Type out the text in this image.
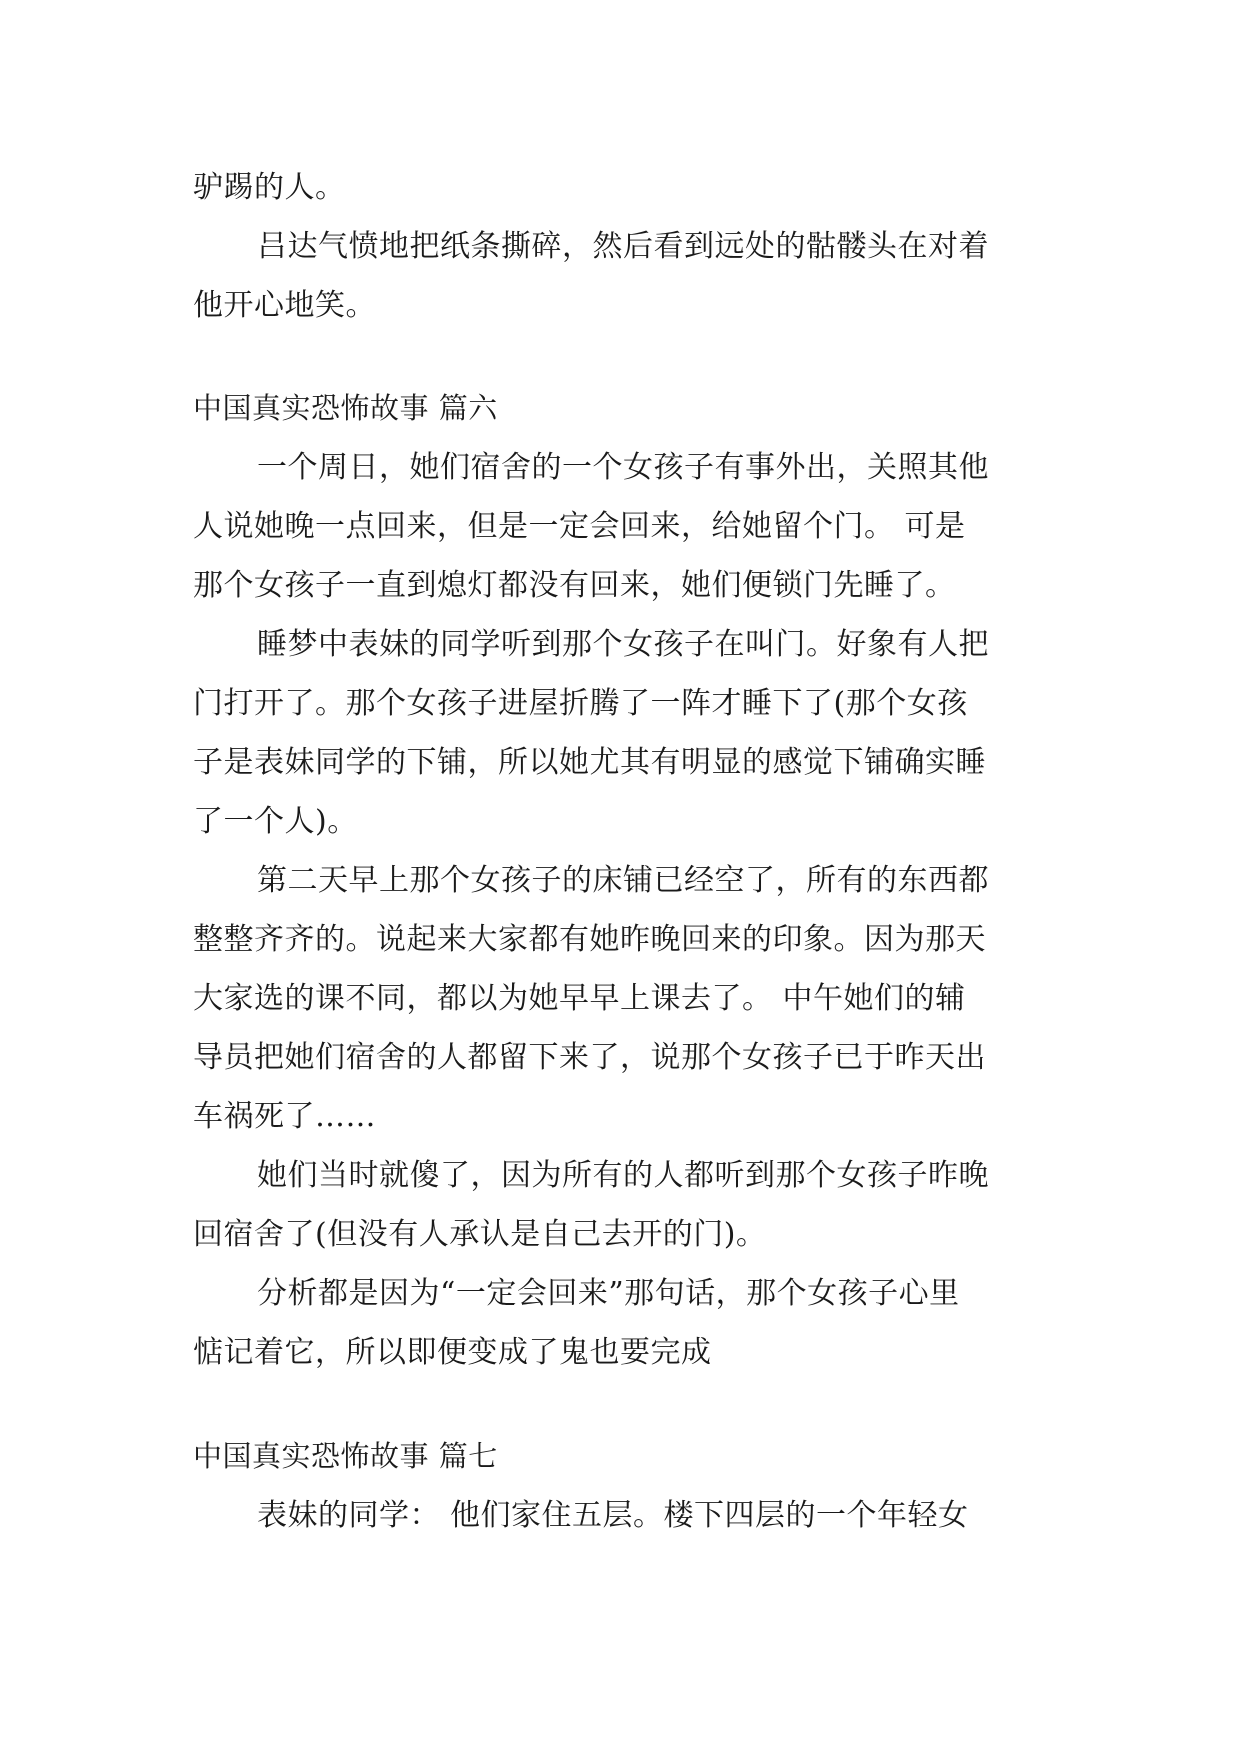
驴踢的人。
吕达气愤地把纸条撕碎，然后看到远处的骷髅头在对着
他开心地笑。
中国真实恐怖故事 篇六
一个周日，她们宿舍的一个女孩子有事外出，关照其他
人说她晚一点回来，但是一定会回来，给她留个门。 可是
那个女孩子一直到熄灯都没有回来，她们便锁门先睡了。
睡梦中表妹的同学听到那个女孩子在叫门。好象有人把
门打开了。那个女孩子进屋折腾了一阵才睡下了(那个女孩
子是表妹同学的下铺，所以她尤其有明显的感觉下铺确实睡
了一个人)。
第二天早上那个女孩子的床铺已经空了，所有的东西都
整整齐齐的。说起来大家都有她昨晚回来的印象。因为那天
大家选的课不同，都以为她早早上课去了。 中午她们的辅
导员把她们宿舍的人都留下来了，说那个女孩子已于昨天出
车祸死了……
她们当时就傻了，因为所有的人都听到那个女孩子昨晚
回宿舍了(但没有人承认是自己去开的门)。
分析都是因为“一定会回来”那句话，那个女孩子心里
惦记着它，所以即便变成了鬼也要完成
中国真实恐怖故事 篇七
表妹的同学： 他们家住五层。楼下四层的一个年轻女
